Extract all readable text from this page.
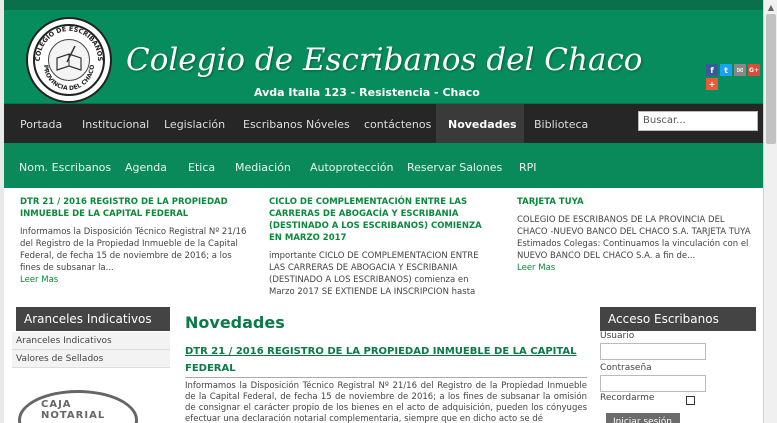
COLEGIO DE ESCRIBANOS
PROVINCIA DEL CHACO Colegio de Escribanos del Chaco
Avda Italia 123 - Resistencia - Chaco
f	t	✉ G+
+
Portada Institucional Legislación Escribanos Nóveles contáctenos Novedades Biblioteca	Buscar...
Nom. Escribanos Agenda Etica Mediación Autoprotección Reservar Salones RPI
DTR 21 / 2016 REGISTRO DE LA PROPIEDAD INMUEBLE DE LA CAPITAL FEDERAL

Informamos la Disposición Técnico Registral Nº 21/16 del Registro de la Propiedad Inmueble de la Capital Federal, de fecha 15 de noviembre de 2016; a los fines de subsanar la...

Leer Mas
CICLO DE COMPLEMENTACIÓN ENTRE LAS CARRERAS DE ABOGACÍA Y ESCRIBANIA (DESTINADO A LOS ESCRIBANOS) COMIENZA EN MARZO 2017

importante CICLO DE COMPLEMENTACION ENTRE LAS CARRERAS DE ABOGACIA Y ESCRIBANIA (DESTINADO A LOS ESCRIBANOS) comienza en Marzo 2017 SE EXTIENDE LA INSCRIPCION hasta

TARJETA TUYA

COLEGIO DE ESCRIBANOS DE LA PROVINCIA DEL CHACO -NUEVO BANCO DEL CHACO S.A. TARJETA TUYA Estimados Colegas: Continuamos la vinculación con el NUEVO BANCO DEL CHACO S.A. a fin de...

Leer Mas
Aranceles Indicativos
Aranceles Indicativos
Valores de Sellados
CAJA NOTARIAL
Novedades
DTR 21 / 2016 REGISTRO DE LA PROPIEDAD INMUEBLE DE LA CAPITAL
FEDERAL
Informamos la Disposición Técnico Registral Nº 21/16 del Registro de la Propiedad Inmueble de la Capital Federal, de fecha 15 de noviembre de 2016; a los fines de subsanar la omisión de consignar el carácter propio de los bienes en el acto de adquisición, pueden los cónyuges efectuar una declaración notarial complementaria, siempre que en dicho acto se dé
Acceso Escribanos
Usuario
Contraseña
Recordarme
Iniciar sesión
▲
